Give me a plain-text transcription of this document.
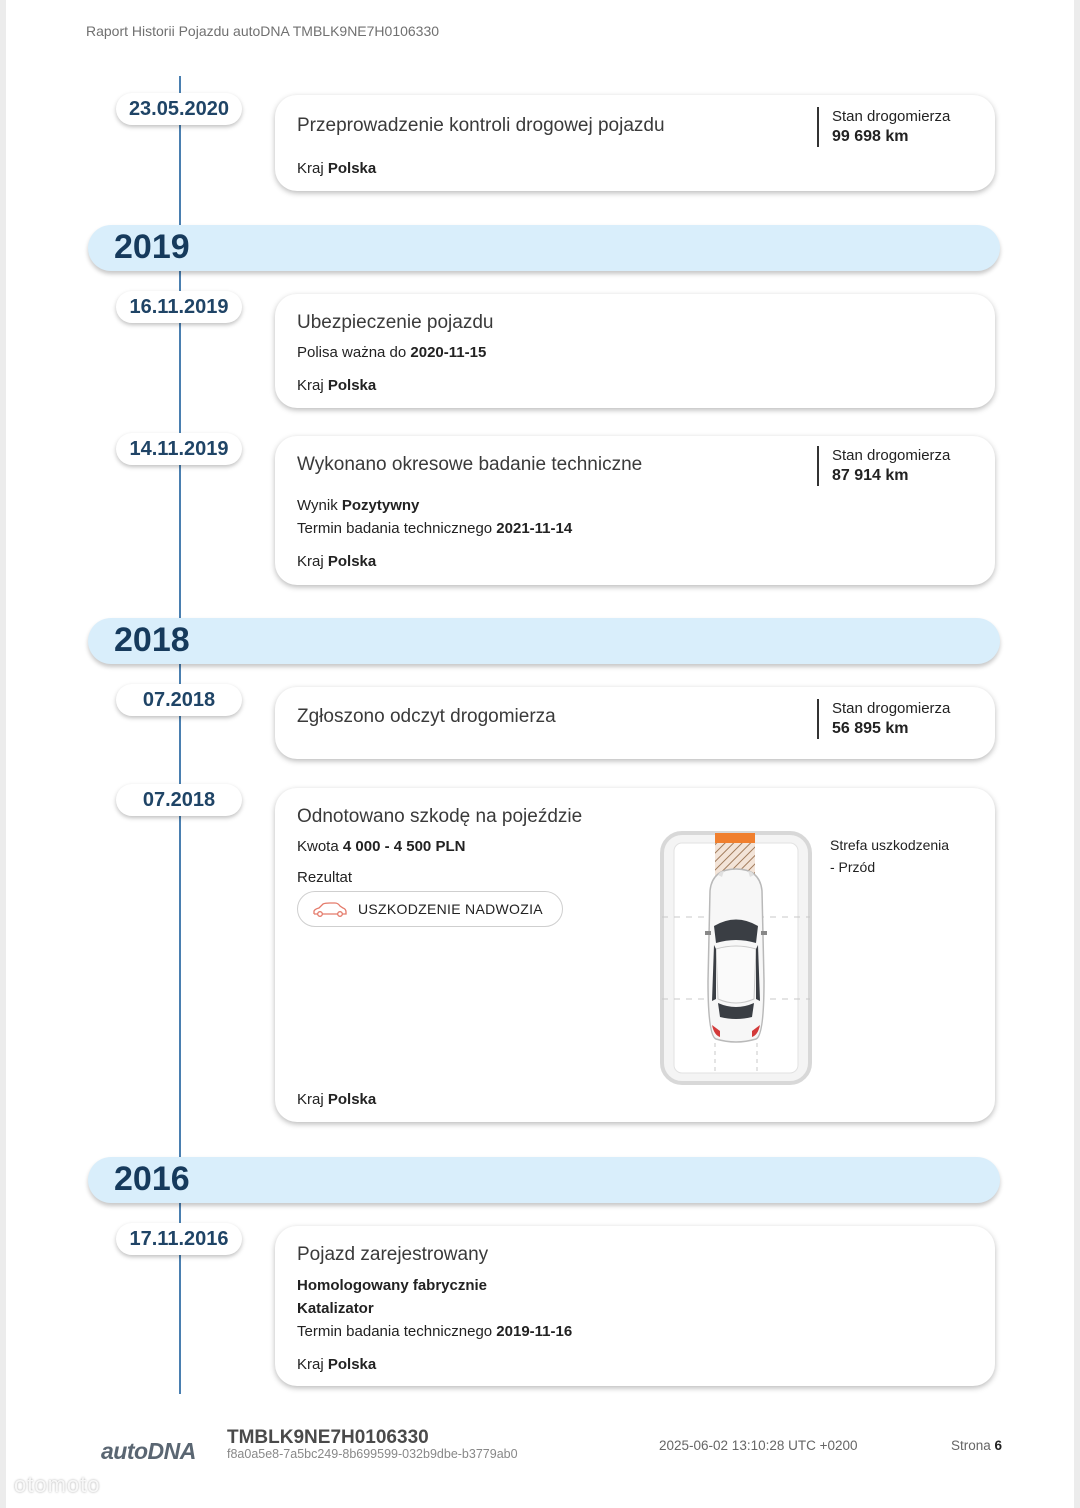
Raport Historii Pojazdu autoDNA TMBLK9NE7H0106330
23.05.2020
Przeprowadzenie kontroli drogowej pojazdu	Stan drogomierza
99 698 km
Kraj Polska
2019
16.11.2019
Ubezpieczenie pojazdu
Polisa ważna do 2020-11-15
Kraj Polska
14.11.2019
Wykonano okresowe badanie techniczne	Stan drogomierza
87 914 km
Wynik Pozytywny
Termin badania technicznego 2021-11-14
Kraj Polska
2018
07.2018
Zgłoszono odczyt drogomierza	Stan drogomierza
56 895 km
07.2018
Odnotowano szkodę na pojeździe
Kwota 4 000 - 4 500 PLN
Rezultat
USZKODZENIE NADWOZIA
Strefa uszkodzenia
- Przód
Kraj Polska
2016
17.11.2016
Pojazd zarejestrowany
Homologowany fabrycznie
Katalizator
Termin badania technicznego 2019-11-16
Kraj Polska
autoDNA
TMBLK9NE7H0106330
f8a0a5e8-7a5bc249-8b699599-032b9dbe-b3779ab0
2025-06-02 13:10:28 UTC +0200	Strona 6
otomoto
